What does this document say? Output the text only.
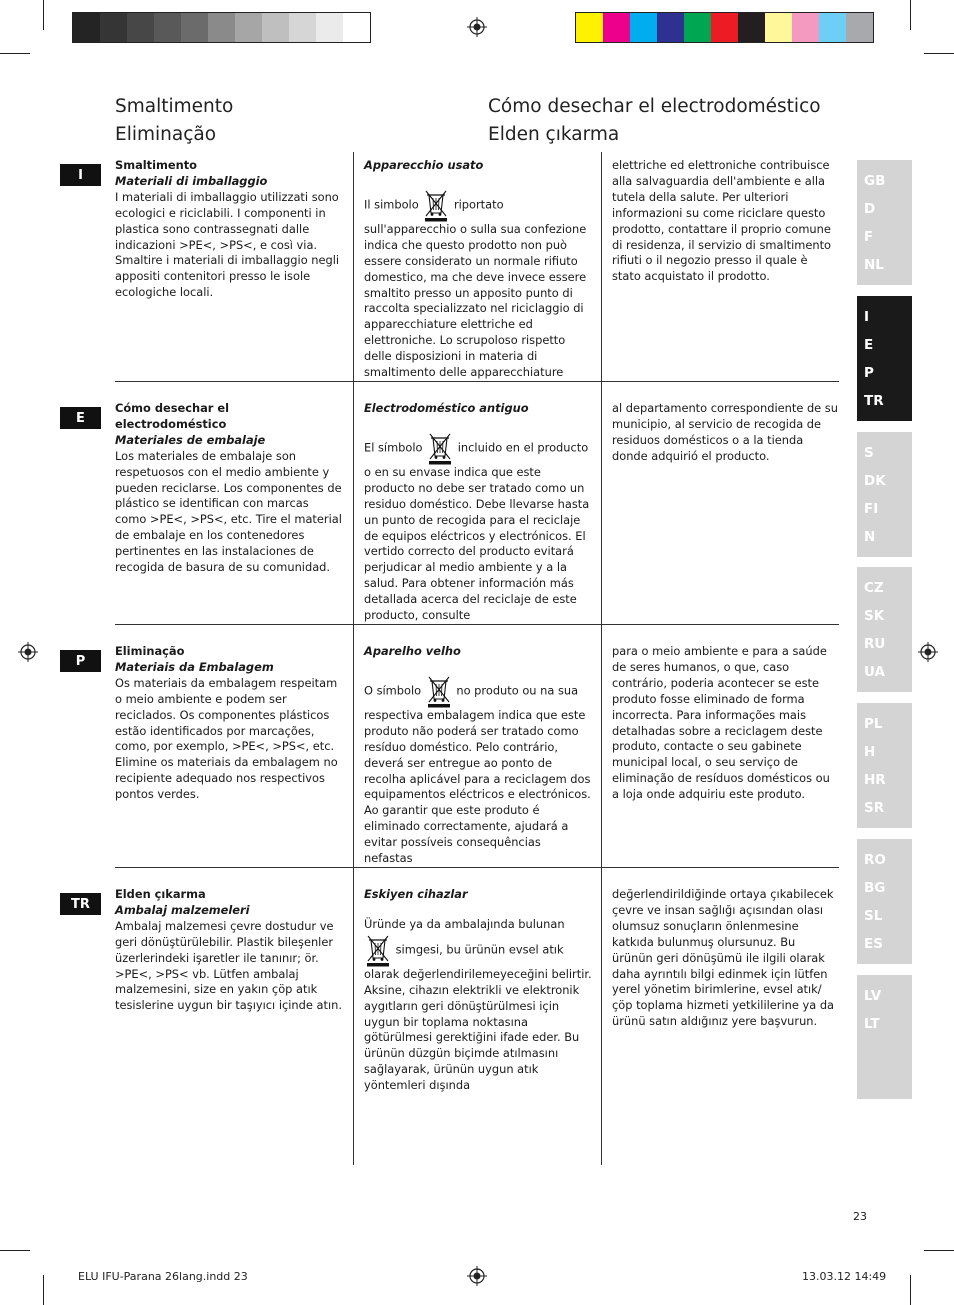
Smaltimento
Eliminação
Cómo desechar el electrodoméstico
Elden çıkarma
I

Smaltimento

Materiali di imballaggio

I materiali di imballaggio utilizzati sono ecologici e riciclabili. I componenti in plastica sono contrassegnati dalle indicazioni >PE<, >PS<, e così via. Smaltire i materiali di imballaggio negli appositi contenitori presso le isole ecologiche locali.

Apparecchio usato

Il simbolo	riportato sull'apparecchio o sulla sua confezione indica che questo prodotto non può essere considerato un normale rifiuto domestico, ma che deve invece essere smaltito presso un apposito punto di raccolta specializzato nel riciclaggio di apparecchiature elettriche ed elettroniche. Lo scrupoloso rispetto delle disposizioni in materia di smaltimento delle apparecchiature

elettriche ed elettroniche contribuisce alla salvaguardia dell'ambiente e alla tutela della salute. Per ulteriori informazioni su come riciclare questo prodotto, contattare il proprio comune di residenza, il servizio di smaltimento rifiuti o il negozio presso il quale è stato acquistato il prodotto.

E

Cómo desechar el electrodoméstico

Materiales de embalaje

Los materiales de embalaje son respetuosos con el medio ambiente y pueden reciclarse. Los componentes de plástico se identifican con marcas como >PE<, >PS<, etc. Tire el material de embalaje en los contenedores pertinentes en las instalaciones de recogida de basura de su comunidad.

Electrodoméstico antiguo

El símbolo	incluido en el producto o en su envase indica que este producto no debe ser tratado como un residuo doméstico. Debe llevarse hasta un punto de recogida para el reciclaje de equipos eléctricos y electrónicos. El vertido correcto del producto evitará perjudicar al medio ambiente y a la salud. Para obtener información más detallada acerca del reciclaje de este producto, consulte

al departamento correspondiente de su municipio, al servicio de recogida de residuos domésticos o a la tienda donde adquirió el producto.

P

Eliminação

Materiais da Embalagem

Os materiais da embalagem respeitam o meio ambiente e podem ser reciclados. Os componentes plásticos estão identificados por marcações, como, por exemplo, >PE<, >PS<, etc. Elimine os materiais da embalagem no recipiente adequado nos respectivos pontos verdes.

Aparelho velho

O símbolo	no produto ou na sua respectiva embalagem indica que este produto não poderá ser tratado como resíduo doméstico. Pelo contrário, deverá ser entregue ao ponto de recolha aplicável para a reciclagem dos equipamentos eléctricos e electrónicos. Ao garantir que este produto é eliminado correctamente, ajudará a evitar possíveis consequências nefastas

para o meio ambiente e para a saúde de seres humanos, o que, caso contrário, poderia acontecer se este produto fosse eliminado de forma incorrecta. Para informações mais detalhadas sobre a reciclagem deste produto, contacte o seu gabinete municipal local, o seu serviço de eliminação de resíduos domésticos ou a loja onde adquiriu este produto.

TR

Elden çıkarma

Ambalaj malzemeleri

Ambalaj malzemesi çevre dostudur ve geri dönüştürülebilir. Plastik bileşenler üzerlerindeki işaretler ile tanınır; ör. >PE<, >PS< vb. Lütfen ambalaj malzemesini, size en yakın çöp atık tesislerine uygun bir taşıyıcı içinde atın.

Eskiyen cihazlar

Üründe ya da ambalajında bulunan  simgesi, bu ürünün evsel atık olarak değerlendirilemeyeceğini belirtir. Aksine, cihazın elektrikli ve elektronik aygıtların geri dönüştürülmesi için uygun bir toplama noktasına götürülmesi gerektiğini ifade eder. Bu ürünün düzgün biçimde atılmasını sağlayarak, ürünün uygun atık yöntemleri dışında

değerlendirildiğinde ortaya çıkabilecek çevre ve insan sağlığı açısından olası olumsuz sonuçların önlenmesine katkıda bulunmuş olursunuz. Bu ürünün geri dönüşümü ile ilgili olarak daha ayrıntılı bilgi edinmek için lütfen yerel yönetim birimlerine, evsel atık/çöp toplama hizmeti yetkililerine ya da ürünü satın aldığınız yere başvurun.

GB
D
F
NL
I
E
P
TR
S
DK
FI
N
CZ
SK
RU
UA
PL
H
HR
SR
RO
BG
SL
ES
LV
LT
23
ELU IFU-Parana 26lang.indd 23	13.03.12 14:49
